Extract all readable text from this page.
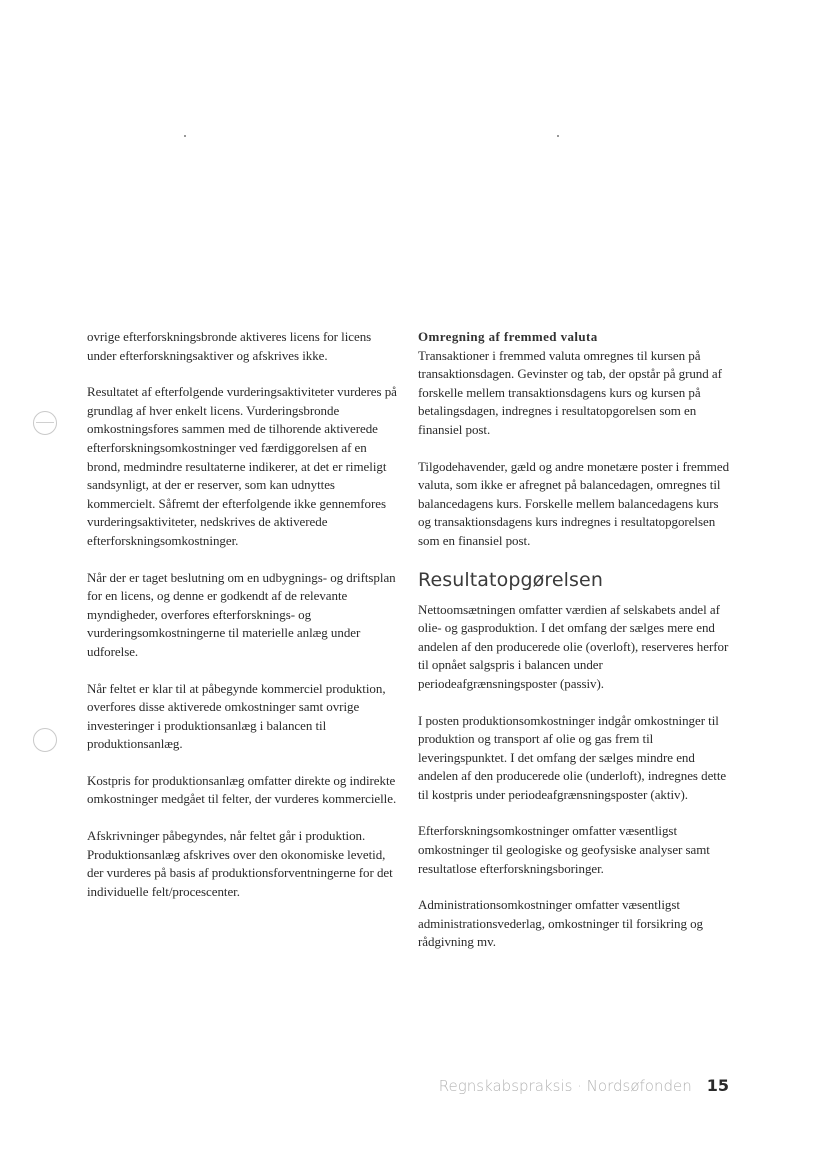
ovrige efterforskningsbronde aktiveres licens for licens under efterforskningsaktiver og afskrives ikke.

Resultatet af efterfolgende vurderingsaktiviteter vurderes på grundlag af hver enkelt licens. Vurderingsbronde omkostningsfores sammen med de tilhorende aktiverede efterforskningsomkostninger ved færdiggorelsen af en brond, medmindre resultaterne indikerer, at det er rimeligt sandsynligt, at der er reserver, som kan udnyttes kommercielt. Såfremt der efterfolgende ikke gennemfores vurderingsaktiviteter, nedskrives de aktiverede efterforskningsomkostninger.

Når der er taget beslutning om en udbygnings- og driftsplan for en licens, og denne er godkendt af de relevante myndigheder, overfores efterforsknings- og vurderingsomkostningerne til materielle anlæg under udforelse.

Når feltet er klar til at påbegynde kommerciel produktion, overfores disse aktiverede omkostninger samt ovrige investeringer i produktionsanlæg i balancen til produktionsanlæg.

Kostpris for produktionsanlæg omfatter direkte og indirekte omkostninger medgået til felter, der vurderes kommercielle.

Afskrivninger påbegyndes, når feltet går i produktion. Produktionsanlæg afskrives over den okonomiske levetid, der vurderes på basis af produktionsforventningerne for det individuelle felt/procescenter.

Omregning af fremmed valuta

Transaktioner i fremmed valuta omregnes til kursen på transaktionsdagen. Gevinster og tab, der opstår på grund af forskelle mellem transaktionsdagens kurs og kursen på betalingsdagen, indregnes i resultatopgorelsen som en finansiel post.

Tilgodehavender, gæld og andre monetære poster i fremmed valuta, som ikke er afregnet på balancedagen, omregnes til balancedagens kurs. Forskelle mellem balancedagens kurs og transaktionsdagens kurs indregnes i resultatopgorelsen som en finansiel post.

Resultatopgørelsen

Nettoomsætningen omfatter værdien af selskabets andel af olie- og gasproduktion. I det omfang der sælges mere end andelen af den producerede olie (overloft), reserveres herfor til opnået salgspris i balancen under periodeafgrænsningsposter (passiv).

I posten produktionsomkostninger indgår omkostninger til produktion og transport af olie og gas frem til leveringspunktet. I det omfang der sælges mindre end andelen af den producerede olie (underloft), indregnes dette til kostpris under periodeafgrænsningsposter (aktiv).

Efterforskningsomkostninger omfatter væsentligst omkostninger til geologiske og geofysiske analyser samt resultatlose efterforskningsboringer.

Administrationsomkostninger omfatter væsentligst administrationsvederlag, omkostninger til forsikring og rådgivning mv.

Regnskabspraksis · Nordsøfonden 15
